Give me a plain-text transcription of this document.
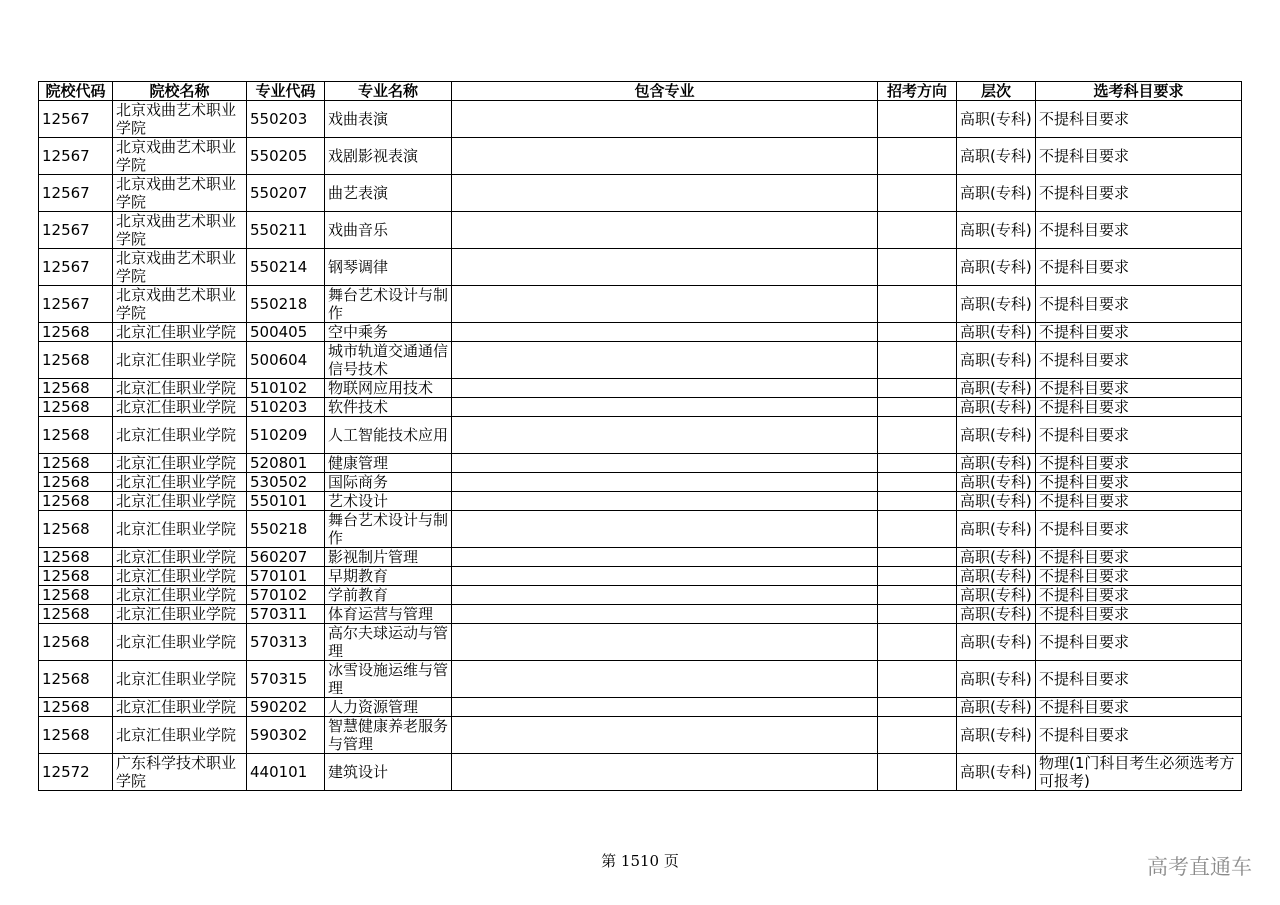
院校代码	院校名称	专业代码	专业名称	包含专业	招考方向	层次	选考科目要求
12567	北京戏曲艺术职业学院	550203	戏曲表演			高职(专科)	不提科目要求
12567	北京戏曲艺术职业学院	550205	戏剧影视表演			高职(专科)	不提科目要求
12567	北京戏曲艺术职业学院	550207	曲艺表演			高职(专科)	不提科目要求
12567	北京戏曲艺术职业学院	550211	戏曲音乐			高职(专科)	不提科目要求
12567	北京戏曲艺术职业学院	550214	钢琴调律			高职(专科)	不提科目要求
12567	北京戏曲艺术职业学院	550218	舞台艺术设计与制作			高职(专科)	不提科目要求
12568	北京汇佳职业学院	500405	空中乘务			高职(专科)	不提科目要求
12568	北京汇佳职业学院	500604	城市轨道交通通信信号技术			高职(专科)	不提科目要求
12568	北京汇佳职业学院	510102	物联网应用技术			高职(专科)	不提科目要求
12568	北京汇佳职业学院	510203	软件技术			高职(专科)	不提科目要求
12568	北京汇佳职业学院	510209	人工智能技术应用			高职(专科)	不提科目要求
12568	北京汇佳职业学院	520801	健康管理			高职(专科)	不提科目要求
12568	北京汇佳职业学院	530502	国际商务			高职(专科)	不提科目要求
12568	北京汇佳职业学院	550101	艺术设计			高职(专科)	不提科目要求
12568	北京汇佳职业学院	550218	舞台艺术设计与制作			高职(专科)	不提科目要求
12568	北京汇佳职业学院	560207	影视制片管理			高职(专科)	不提科目要求
12568	北京汇佳职业学院	570101	早期教育			高职(专科)	不提科目要求
12568	北京汇佳职业学院	570102	学前教育			高职(专科)	不提科目要求
12568	北京汇佳职业学院	570311	体育运营与管理			高职(专科)	不提科目要求
12568	北京汇佳职业学院	570313	高尔夫球运动与管理			高职(专科)	不提科目要求
12568	北京汇佳职业学院	570315	冰雪设施运维与管理			高职(专科)	不提科目要求
12568	北京汇佳职业学院	590202	人力资源管理			高职(专科)	不提科目要求
12568	北京汇佳职业学院	590302	智慧健康养老服务与管理			高职(专科)	不提科目要求
12572	广东科学技术职业学院	440101	建筑设计			高职(专科)	物理(1门科目考生必须选考方可报考)
第 1510 页	高考直通车
